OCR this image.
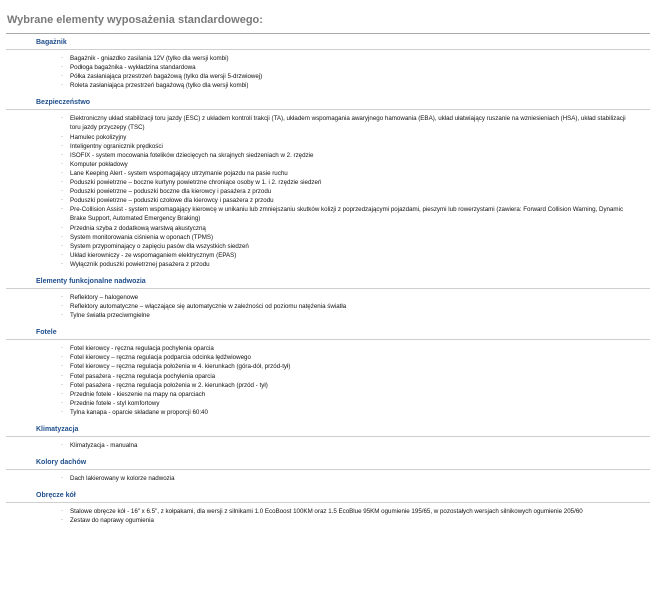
Wybrane elementy wyposażenia standardowego:
Bagażnik
· Bagażnik - gniazdko zasilania 12V (tylko dla wersji kombi)
· Podłoga bagażnika - wykładzina standardowa
· Półka zasłaniająca przestrzeń bagażową (tylko dla wersji 5-drzwiowej)
· Roleta zasłaniająca przestrzeń bagażową (tylko dla wersji kombi)
Bezpieczeństwo
· Elektroniczny układ stabilizacji toru jazdy (ESC) z układem kontroli trakcji (TA), układem wspomagania awaryjnego hamowania (EBA), układ ułatwiający ruszanie na wzniesieniach (HSA), układ stabilizacji toru jazdy przyczepy (TSC)
· Hamulec pokolizyjny
· Inteligentny ogranicznik prędkości
· ISOFIX - system mocowania fotelików dziecięcych na skrajnych siedzeniach w 2. rzędzie
· Komputer pokładowy
· Lane Keeping Alert - system wspomagający utrzymanie pojazdu na pasie ruchu
· Poduszki powietrzne – boczne kurtyny powietrzne chroniące osoby w 1. i 2. rzędzie siedzeń
· Poduszki powietrzne – poduszki boczne dla kierowcy i pasażera z przodu
· Poduszki powietrzne – poduszki czołowe dla kierowcy i pasażera z przodu
· Pre-Collision Assist - system wspomagający kierowcę w unikaniu lub zmniejszaniu skutków kolizji z poprzedzającymi pojazdami, pieszymi lub rowerzystami (zawiera: Forward Collision Warning, Dynamic Brake Support, Automated Emergency Braking)
· Przednia szyba z dodatkową warstwą akustyczną
· System monitorowania ciśnienia w oponach (TPMS)
· System przypominający o zapięciu pasów dla wszystkich siedzeń
· Układ kierowniczy - ze wspomaganiem elektrycznym (EPAS)
· Wyłącznik poduszki powietrznej pasażera z przodu
Elementy funkcjonalne nadwozia
· Reflektory – halogenowe
· Reflektory automatyczne – włączające się automatycznie w zależności od poziomu natężenia światła
· Tylne światła przeciwmgielne
Fotele
· Fotel kierowcy - ręczna regulacja pochylenia oparcia
· Fotel kierowcy – ręczna regulacja podparcia odcinka lędźwiowego
· Fotel kierowcy – ręczna regulacja położenia w 4. kierunkach (góra-dół, przód-tył)
· Fotel pasażera - ręczna regulacja pochylenia oparcia
· Fotel pasażera - ręczna regulacja położenia w 2. kierunkach (przód - tył)
· Przednie fotele - kieszenie na mapy na oparciach
· Przednie fotele - styl komfortowy
· Tylna kanapa - oparcie składane w proporcji 60:40
Klimatyzacja
· Klimatyzacja - manualna
Kolory dachów
· Dach lakierowany w kolorze nadwozia
Obręcze kół
· Stalowe obręcze kół - 16" x 6.5", z kołpakami, dla wersji z silnikami 1.0 EcoBoost 100KM oraz 1.5 EcoBlue 95KM ogumienie 195/65, w pozostałych wersjach silnikowych ogumienie 205/60
· Zestaw do naprawy ogumienia
